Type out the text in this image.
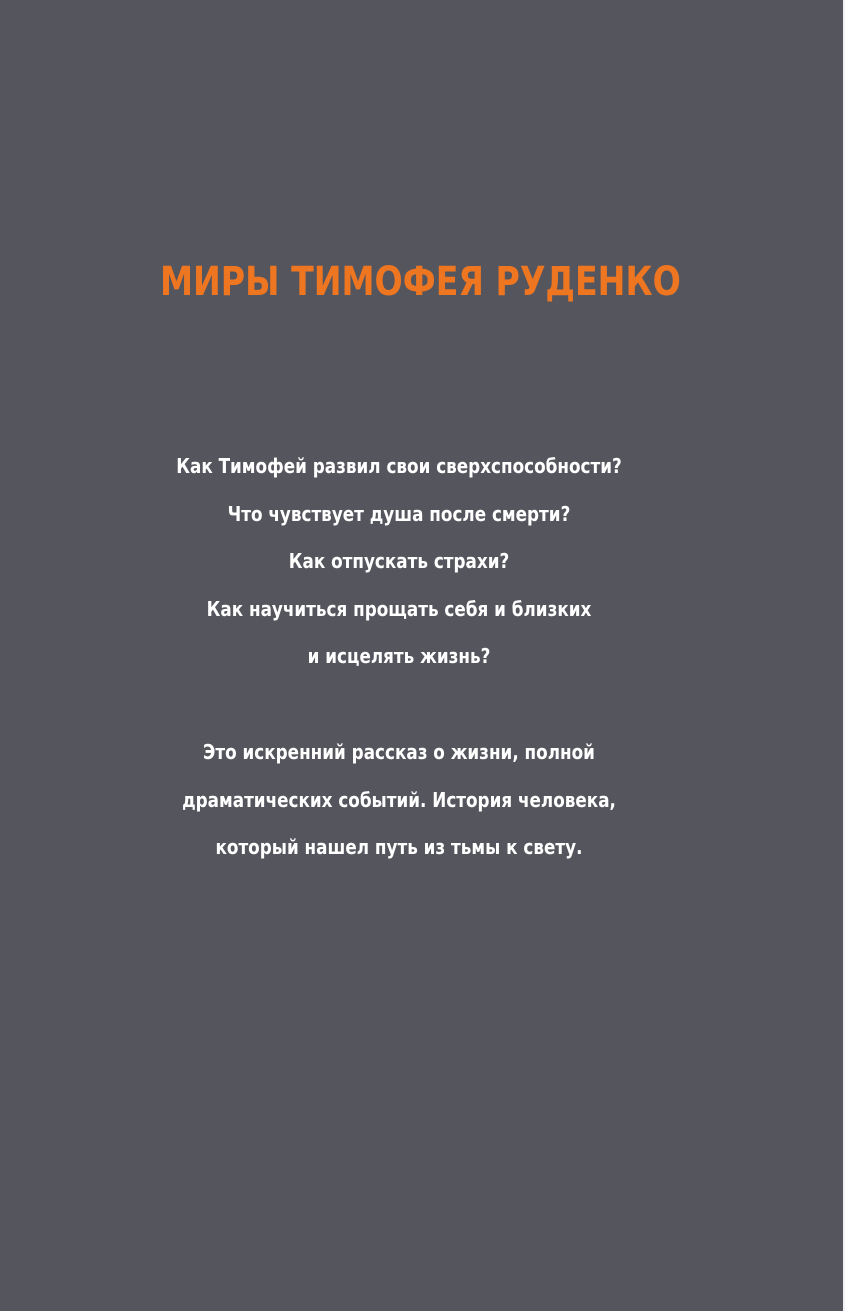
МИРЫ ТИМОФЕЯ РУДЕНКО
Как Тимофей развил свои сверхспособности?
Что чувствует душа после смерти?
Как отпускать страхи?
Как научиться прощать себя и близких
и исцелять жизнь?
Это искренний рассказ о жизни, полной
драматических событий. История человека,
который нашел путь из тьмы к свету.
